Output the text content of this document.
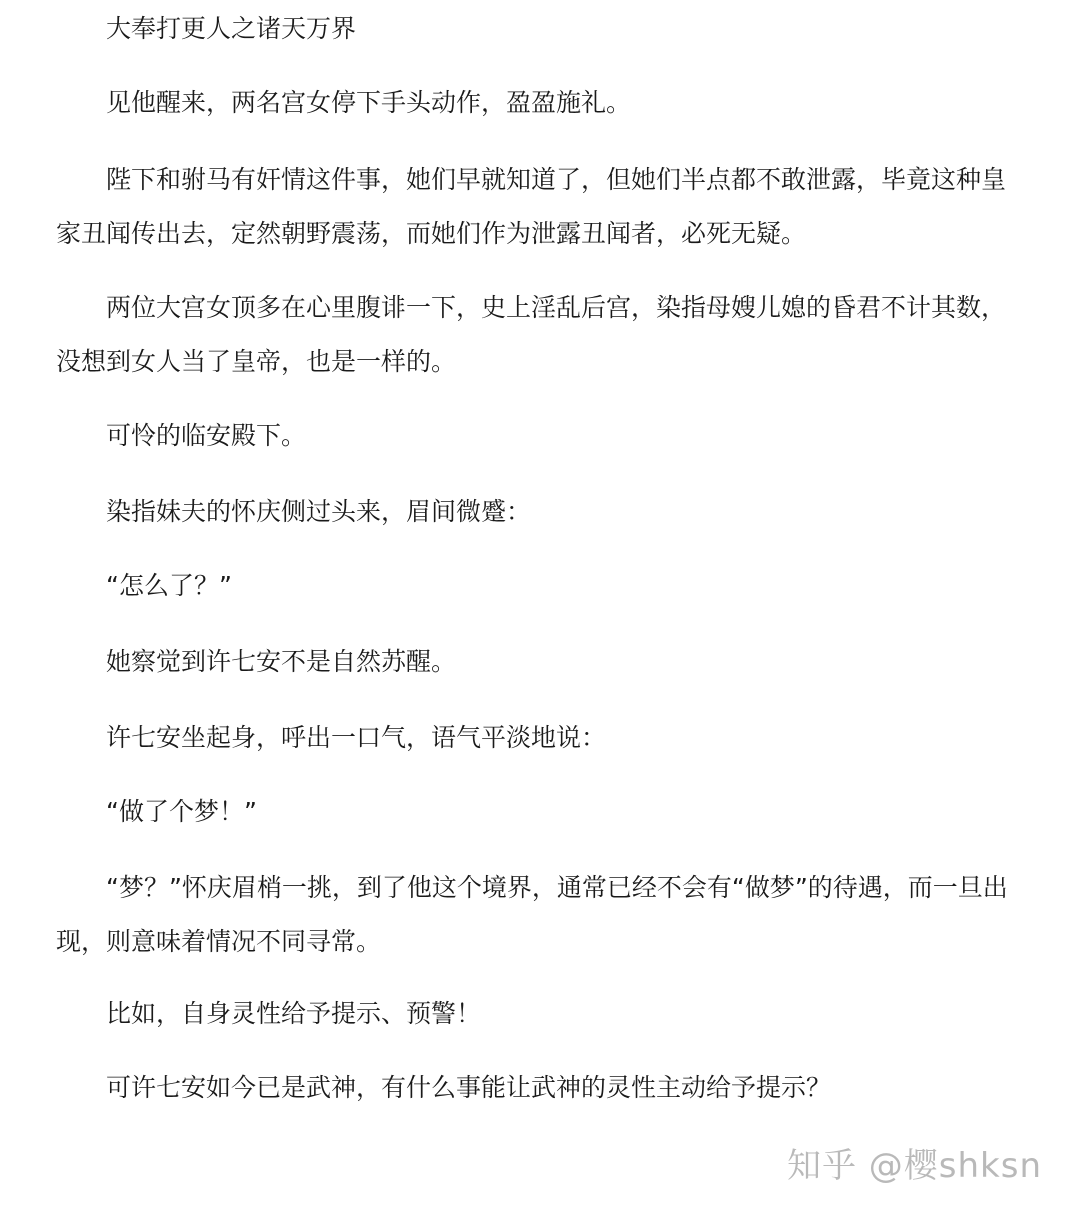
大奉打更人之诸天万界
见他醒来，两名宫女停下手头动作，盈盈施礼。
陛下和驸马有奸情这件事，她们早就知道了，但她们半点都不敢泄露，毕竟这种皇家丑闻传出去，定然朝野震荡，而她们作为泄露丑闻者，必死无疑。
两位大宫女顶多在心里腹诽一下，史上淫乱后宫，染指母嫂儿媳的昏君不计其数，没想到女人当了皇帝，也是一样的。
可怜的临安殿下。
染指妹夫的怀庆侧过头来，眉间微蹙：
“怎么了？”
她察觉到许七安不是自然苏醒。
许七安坐起身，呼出一口气，语气平淡地说：
“做了个梦！”
“梦？”怀庆眉梢一挑，到了他这个境界，通常已经不会有“做梦”的待遇，而一旦出现，则意味着情况不同寻常。
比如，自身灵性给予提示、预警！
可许七安如今已是武神，有什么事能让武神的灵性主动给予提示？
知乎 @樱shksn
